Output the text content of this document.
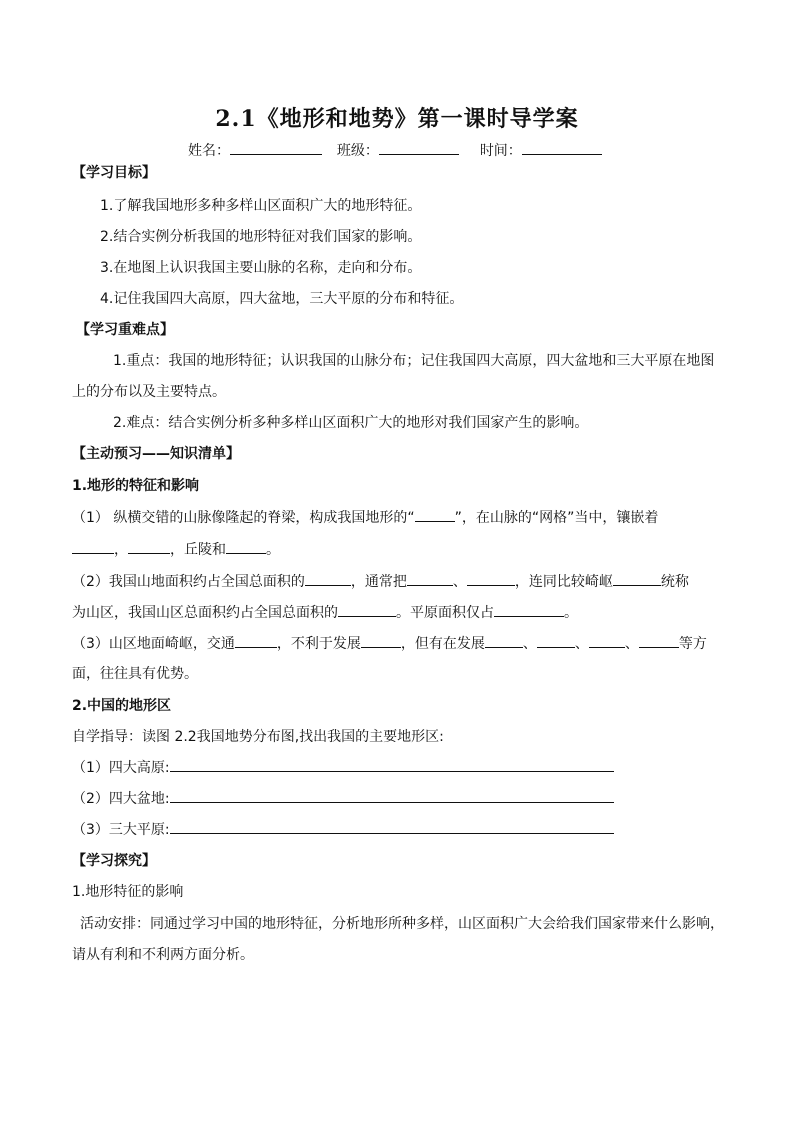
2.1《地形和地势》第一课时导学案
姓名：	班级：	时间：
【学习目标】
1.了解我国地形多种多样山区面积广大的地形特征。
2.结合实例分析我国的地形特征对我们国家的影响。
3.在地图上认识我国主要山脉的名称，走向和分布。
4.记住我国四大高原，四大盆地，三大平原的分布和特征。
【学习重难点】
1.重点：我国的地形特征；认识我国的山脉分布；记住我国四大高原，四大盆地和三大平原在地图
上的分布以及主要特点。
2.难点：结合实例分析多种多样山区面积广大的地形对我们国家产生的影响。
【主动预习——知识清单】
1.地形的特征和影响
（1） 纵横交错的山脉像隆起的脊梁，构成我国地形的“	”，在山脉的“网格”当中，镶嵌着
，	，丘陵和	。
（2）我国山地面积约占全国总面积的	，通常把	、	，连同比较崎岖	统称
为山区，我国山区总面积约占全国总面积的	。平原面积仅占	。
（3）山区地面崎岖，交通	，不利于发展	，但有在发展	、	、	、	等方
面，往往具有优势。
2.中国的地形区
自学指导：读图 2.2我国地势分布图,找出我国的主要地形区:
（1）四大高原:
（2）四大盆地:
（3）三大平原:
【学习探究】
1.地形特征的影响
活动安排：同通过学习中国的地形特征，分析地形所种多样，山区面积广大会给我们国家带来什么影响，
请从有利和不利两方面分析。
